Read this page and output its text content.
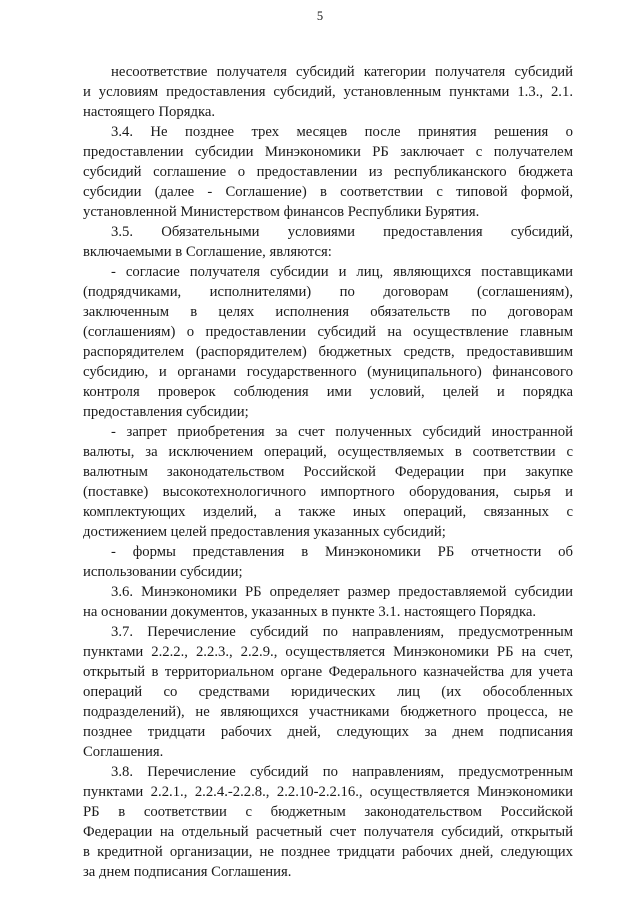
5
несоответствие получателя субсидий категории получателя субсидий
и условиям предоставления субсидий, установленным пунктами 1.3., 2.1.
настоящего Порядка.
3.4. Не позднее трех месяцев после принятия решения о
предоставлении субсидии Минэкономики РБ заключает с получателем
субсидий соглашение о предоставлении из республиканского бюджета
субсидии (далее - Соглашение) в соответствии с типовой формой,
установленной Министерством финансов Республики Бурятия.
3.5. Обязательными условиями предоставления субсидий,
включаемыми в Соглашение, являются:
- согласие получателя субсидии и лиц, являющихся поставщиками
(подрядчиками, исполнителями) по договорам (соглашениям),
заключенным в целях исполнения обязательств по договорам
(соглашениям) о предоставлении субсидий на осуществление главным
распорядителем (распорядителем) бюджетных средств, предоставившим
субсидию, и органами государственного (муниципального) финансового
контроля проверок соблюдения ими условий, целей и порядка
предоставления субсидии;
- запрет приобретения за счет полученных субсидий иностранной
валюты, за исключением операций, осуществляемых в соответствии с
валютным законодательством Российской Федерации при закупке
(поставке) высокотехнологичного импортного оборудования, сырья и
комплектующих изделий, а также иных операций, связанных с
достижением целей предоставления указанных субсидий;
- формы представления в Минэкономики РБ отчетности об
использовании субсидии;
3.6. Минэкономики РБ определяет размер предоставляемой субсидии
на основании документов, указанных в пункте 3.1. настоящего Порядка.
3.7. Перечисление субсидий по направлениям, предусмотренным
пунктами 2.2.2., 2.2.3., 2.2.9., осуществляется Минэкономики РБ на счет,
открытый в территориальном органе Федерального казначейства для учета
операций со средствами юридических лиц (их обособленных
подразделений), не являющихся участниками бюджетного процесса, не
позднее тридцати рабочих дней, следующих за днем подписания
Соглашения.
3.8. Перечисление субсидий по направлениям, предусмотренным
пунктами 2.2.1., 2.2.4.-2.2.8., 2.2.10-2.2.16., осуществляется Минэкономики
РБ в соответствии с бюджетным законодательством Российской
Федерации на отдельный расчетный счет получателя субсидий, открытый
в кредитной организации, не позднее тридцати рабочих дней, следующих
за днем подписания Соглашения.
